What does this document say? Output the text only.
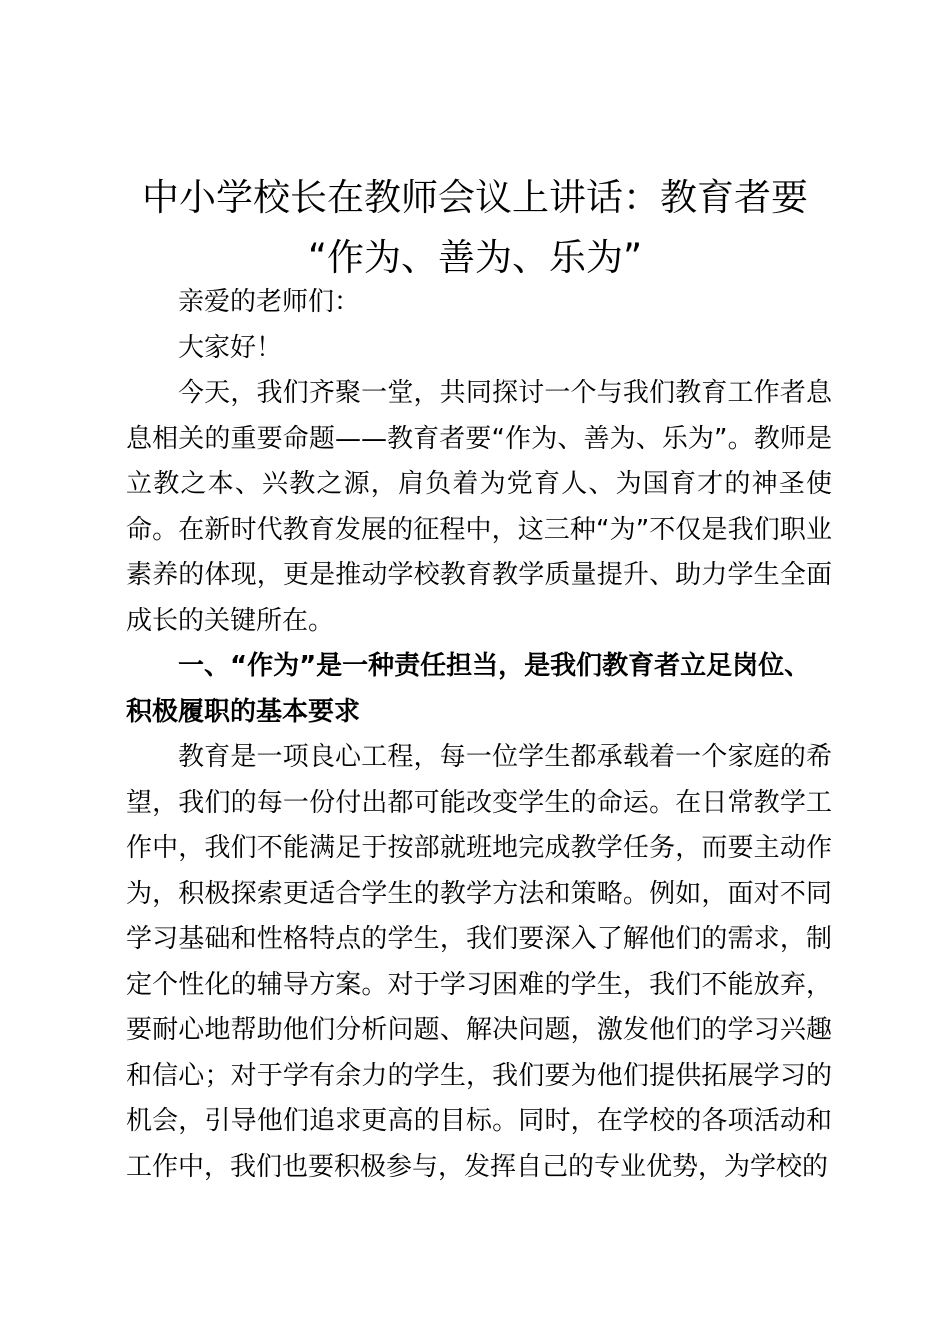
中小学校长在教师会议上讲话：教育者要
“作为、善为、乐为”

亲爱的老师们：

大家好！

今天，我们齐聚一堂，共同探讨一个与我们教育工作者息息相关的重要命题——教育者要“作为、善为、乐为”。教师是立教之本、兴教之源，肩负着为党育人、为国育才的神圣使命。在新时代教育发展的征程中，这三种“为”不仅是我们职业素养的体现，更是推动学校教育教学质量提升、助力学生全面成长的关键所在。

一、“作为”是一种责任担当，是我们教育者立足岗位、积极履职的基本要求

教育是一项良心工程，每一位学生都承载着一个家庭的希望，我们的每一份付出都可能改变学生的命运。在日常教学工作中，我们不能满足于按部就班地完成教学任务，而要主动作为，积极探索更适合学生的教学方法和策略。例如，面对不同学习基础和性格特点的学生，我们要深入了解他们的需求，制定个性化的辅导方案。对于学习困难的学生，我们不能放弃，要耐心地帮助他们分析问题、解决问题，激发他们的学习兴趣和信心；对于学有余力的学生，我们要为他们提供拓展学习的机会，引导他们追求更高的目标。同时，在学校的各项活动和工作中，我们也要积极参与，发挥自己的专业优势，为学校的
